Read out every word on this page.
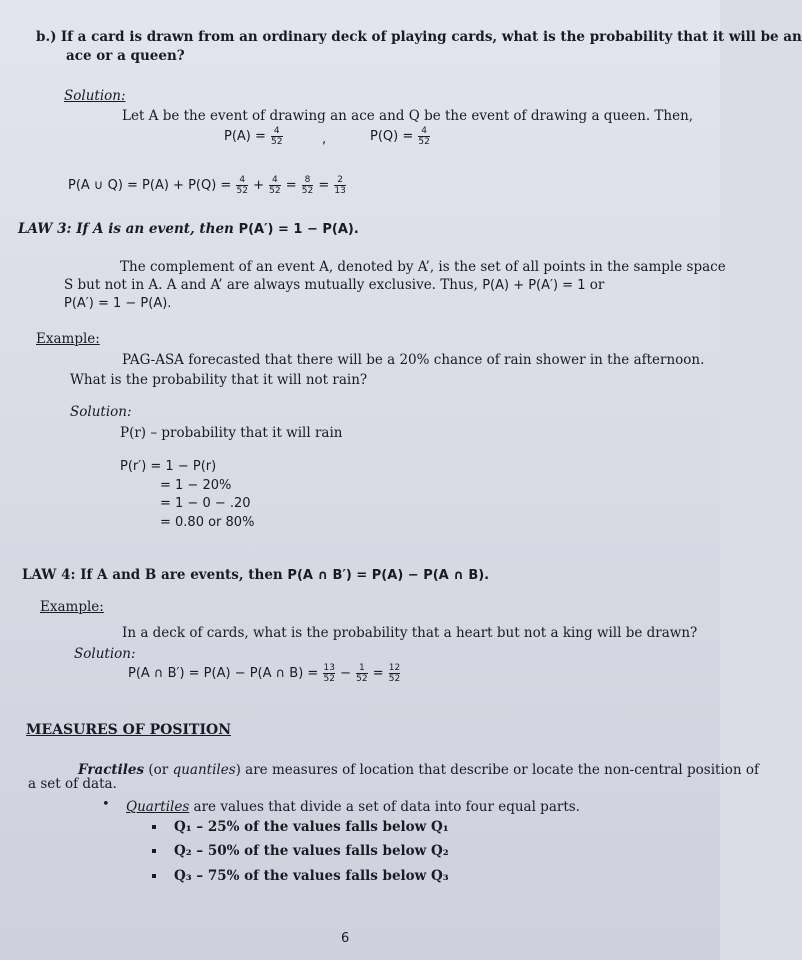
b.) If a card is drawn from an ordinary deck of playing cards, what is the probability that it will be an
ace or a queen?
Solution:
Let A be the event of drawing an ace and Q be the event of drawing a queen. Then,
$P(A) = \frac{4}{52}$	,	$P(Q) = \frac{4}{52}$
P(A ∪ $Q) = P(A) + P(Q) = \frac{4}{52} + \frac{4}{52} = \frac{8}{52} = \frac{2}{13}$
LAW 3: If A is an event, then P(A′) = 1 − P(A).
The complement of an event A, denoted by A’, is the set of all points in the sample space
S but not in A. A and A’ are always mutually exclusive. Thus, P(A) + P(A′) = 1 or
P(A′) = 1 − P(A).
Example:
PAG-ASA forecasted that there will be a 20% chance of rain shower in the afternoon.
What is the probability that it will not rain?
Solution:
P(r) – probability that it will rain
P(r′) = 1 − P(r)
= 1 − 20%
= 1 − 0 − .20
= 0.80 or 80%
LAW 4: If A and B are events, then P(A ∩ B′) = P(A) − P(A ∩ B).
Example:
In a deck of cards, what is the probability that a heart but not a king will be drawn?
Solution:
P(A ∩ B′) = P(A) − P(A ∩ $B) = \frac{13}{52} - \frac{1}{52} = \frac{12}{52}$
MEASURES OF POSITION
Fractiles (or quantiles) are measures of location that describe or locate the non-central position of
a set of data.
• Quartiles are values that divide a set of data into four equal parts.
Q₁ – 25% of the values falls below Q₁
Q₂ – 50% of the values falls below Q₂
Q₃ – 75% of the values falls below Q₃
6
